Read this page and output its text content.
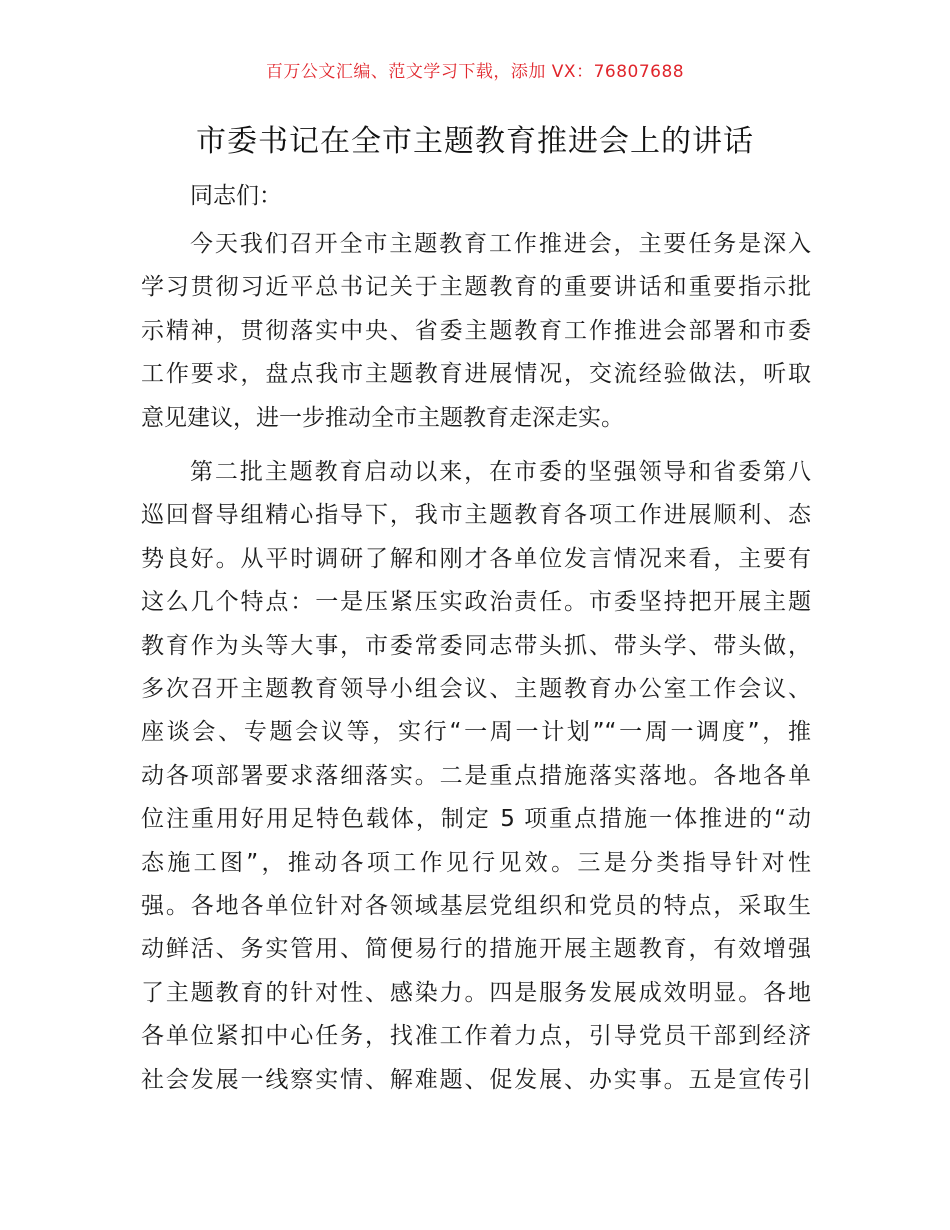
百万公文汇编、范文学习下载，添加 VX：76807688
市委书记在全市主题教育推进会上的讲话
同志们：
今天我们召开全市主题教育工作推进会，主要任务是深入
学习贯彻习近平总书记关于主题教育的重要讲话和重要指示批
示精神，贯彻落实中央、省委主题教育工作推进会部署和市委
工作要求，盘点我市主题教育进展情况，交流经验做法，听取
意见建议，进一步推动全市主题教育走深走实。
第二批主题教育启动以来，在市委的坚强领导和省委第八
巡回督导组精心指导下，我市主题教育各项工作进展顺利、态
势良好。从平时调研了解和刚才各单位发言情况来看，主要有
这么几个特点：一是压紧压实政治责任。市委坚持把开展主题
教育作为头等大事，市委常委同志带头抓、带头学、带头做，
多次召开主题教育领导小组会议、主题教育办公室工作会议、
座谈会、专题会议等，实行“一周一计划”“一周一调度”，推
动各项部署要求落细落实。二是重点措施落实落地。各地各单
位注重用好用足特色载体，制定 5 项重点措施一体推进的“动
态施工图”，推动各项工作见行见效。三是分类指导针对性
强。各地各单位针对各领域基层党组织和党员的特点，采取生
动鲜活、务实管用、简便易行的措施开展主题教育，有效增强
了主题教育的针对性、感染力。四是服务发展成效明显。各地
各单位紧扣中心任务，找准工作着力点，引导党员干部到经济
社会发展一线察实情、解难题、促发展、办实事。五是宣传引
